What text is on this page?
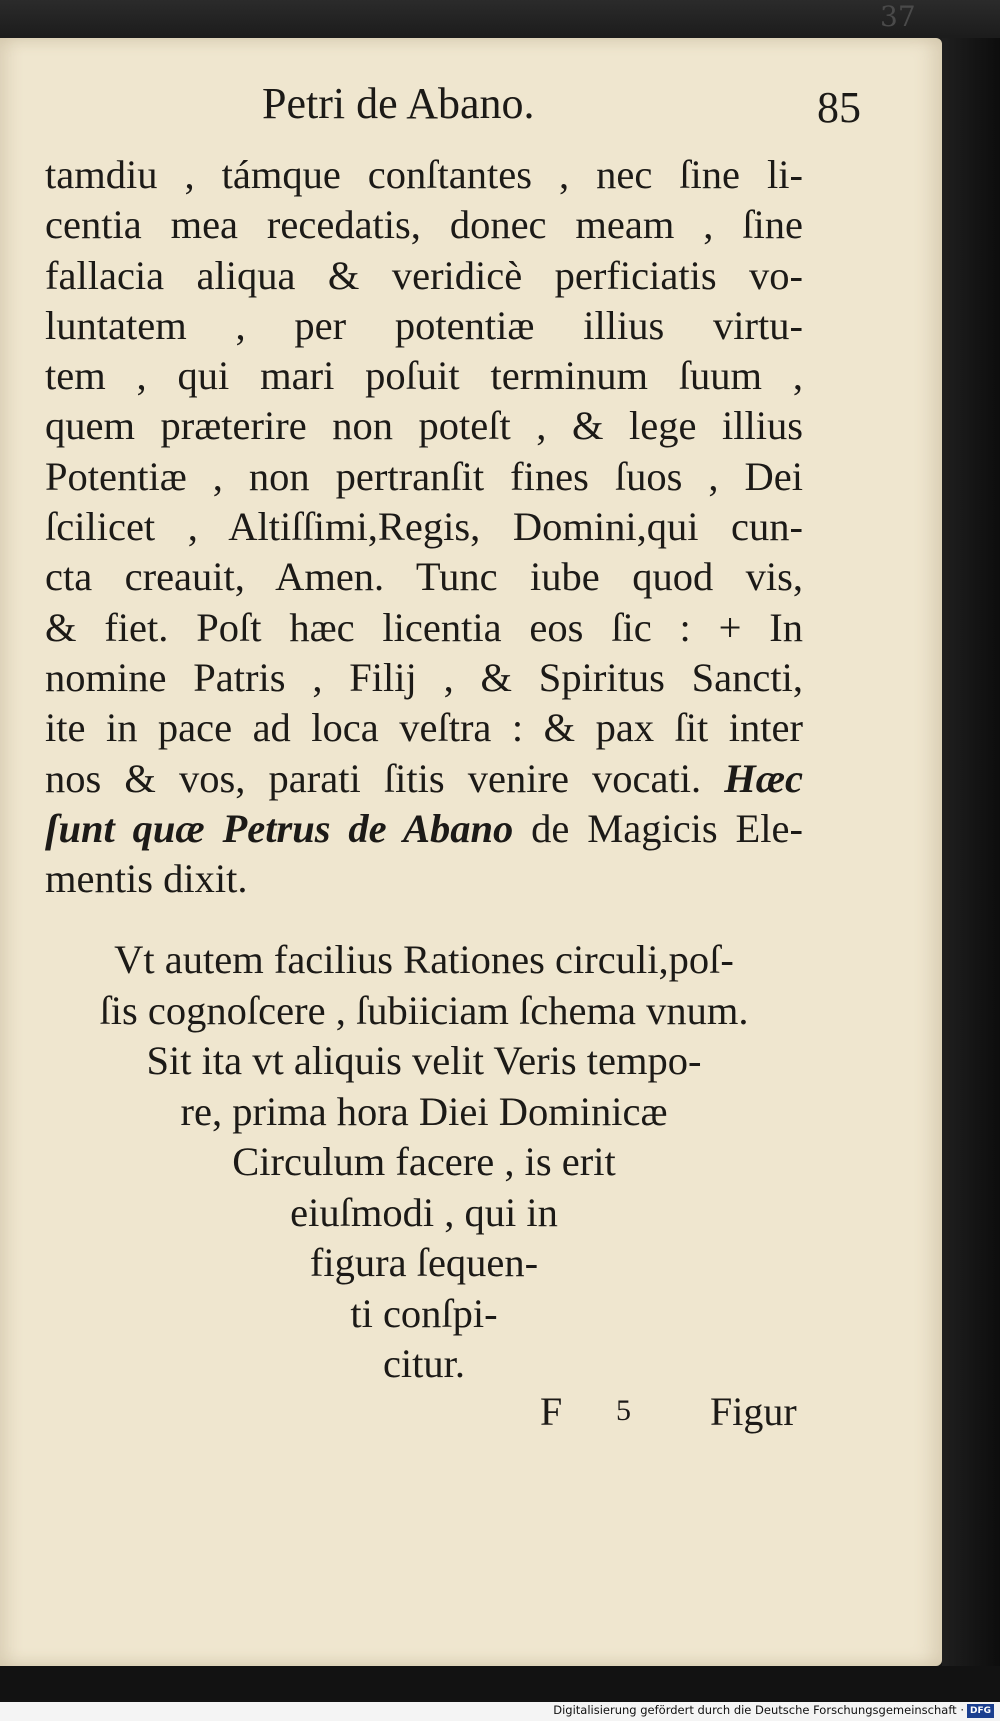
37
Petri de Abano.	85
tamdiu , támque conſtantes , nec ſine li-
centia mea recedatis, donec meam , ſine
fallacia aliqua & veridicè perficiatis vo-
luntatem , per potentiæ illius virtu-
tem , qui mari poſuit terminum ſuum ,
quem præterire non poteſt , & lege illius
Potentiæ , non pertranſit fines ſuos , Dei
ſcilicet , Altiſſimi,Regis, Domini,qui cun-
cta creauit, Amen. Tunc iube quod vis,
& fiet. Poſt hæc licentia eos ſic : + In
nomine Patris , Filij , & Spiritus Sancti,
ite in pace ad loca veſtra : & pax ſit inter
nos & vos, parati ſitis venire vocati. Hæc
ſunt quæ Petrus de Abano de Magicis Ele-
mentis dixit.
Vt autem facilius Rationes circuli,poſ-
ſis cognoſcere , ſubiiciam ſchema vnum.
Sit ita vt aliquis velit Veris tempo-
re, prima hora Diei Dominicæ
Circulum facere , is erit
eiuſmodi , qui in
figura ſequen-
ti conſpi-
citur.
F 5 Figur
Digitalisierung gefördert durch die Deutsche Forschungsgemeinschaft · DFG
